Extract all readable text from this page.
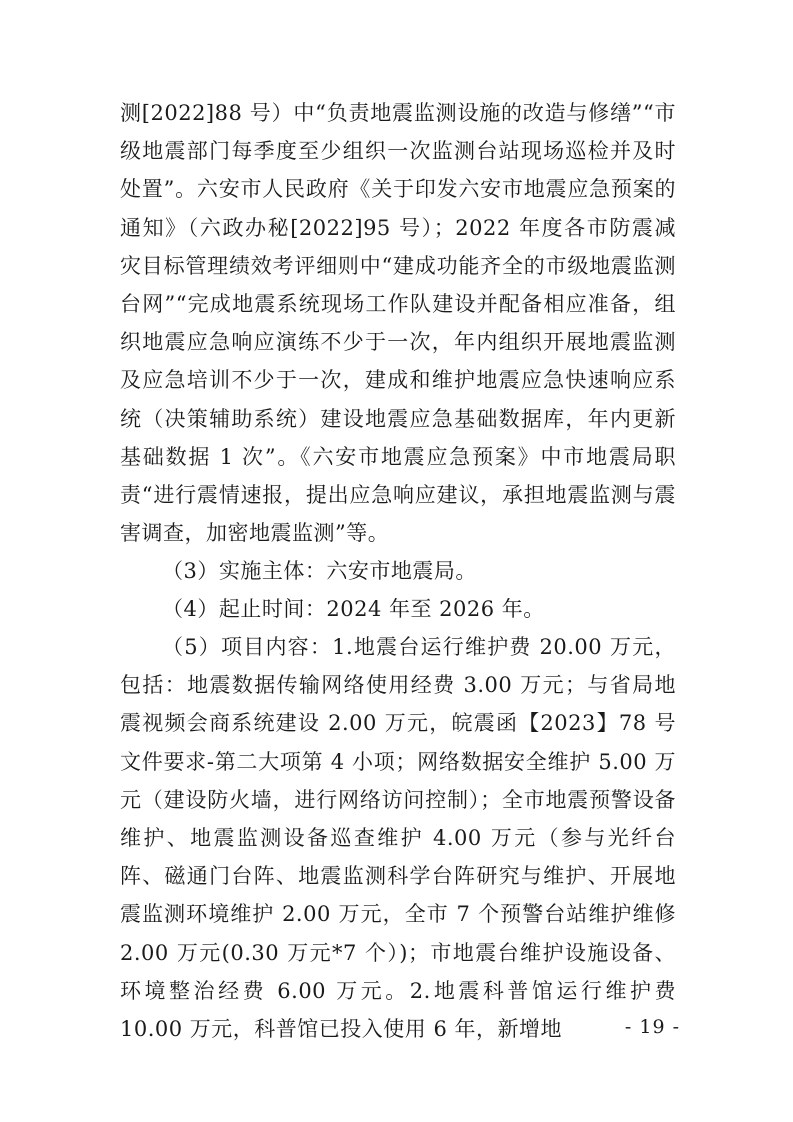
测[2022]88 号）中“负责地震监测设施的改造与修缮”“市级地震部门每季度至少组织一次监测台站现场巡检并及时处置”。六安市人民政府《关于印发六安市地震应急预案的通知》（六政办秘[2022]95 号）；2022 年度各市防震减灾目标管理绩效考评细则中“建成功能齐全的市级地震监测台网”“完成地震系统现场工作队建设并配备相应准备，组织地震应急响应演练不少于一次，年内组织开展地震监测及应急培训不少于一次，建成和维护地震应急快速响应系统（决策辅助系统）建设地震应急基础数据库，年内更新基础数据 1 次”。《六安市地震应急预案》中市地震局职责“进行震情速报，提出应急响应建议，承担地震监测与震害调查，加密地震监测”等。

（3）实施主体：六安市地震局。

（4）起止时间：2024 年至 2026 年。

（5）项目内容：1.地震台运行维护费 20.00 万元，包括：地震数据传输网络使用经费 3.00 万元；与省局地震视频会商系统建设 2.00 万元，皖震函【2023】78 号文件要求-第二大项第 4 小项；网络数据安全维护 5.00 万元（建设防火墙，进行网络访问控制）；全市地震预警设备维护、地震监测设备巡查维护 4.00 万元（参与光纤台阵、磁通门台阵、地震监测科学台阵研究与维护、开展地震监测环境维护 2.00 万元，全市 7 个预警台站维护维修 2.00 万元(0.30 万元*7 个）)；市地震台维护设施设备、环境整治经费 6.00 万元。2.地震科普馆运行维护费 10.00 万元，科普馆已投入使用 6 年，新增地	- 19 -
